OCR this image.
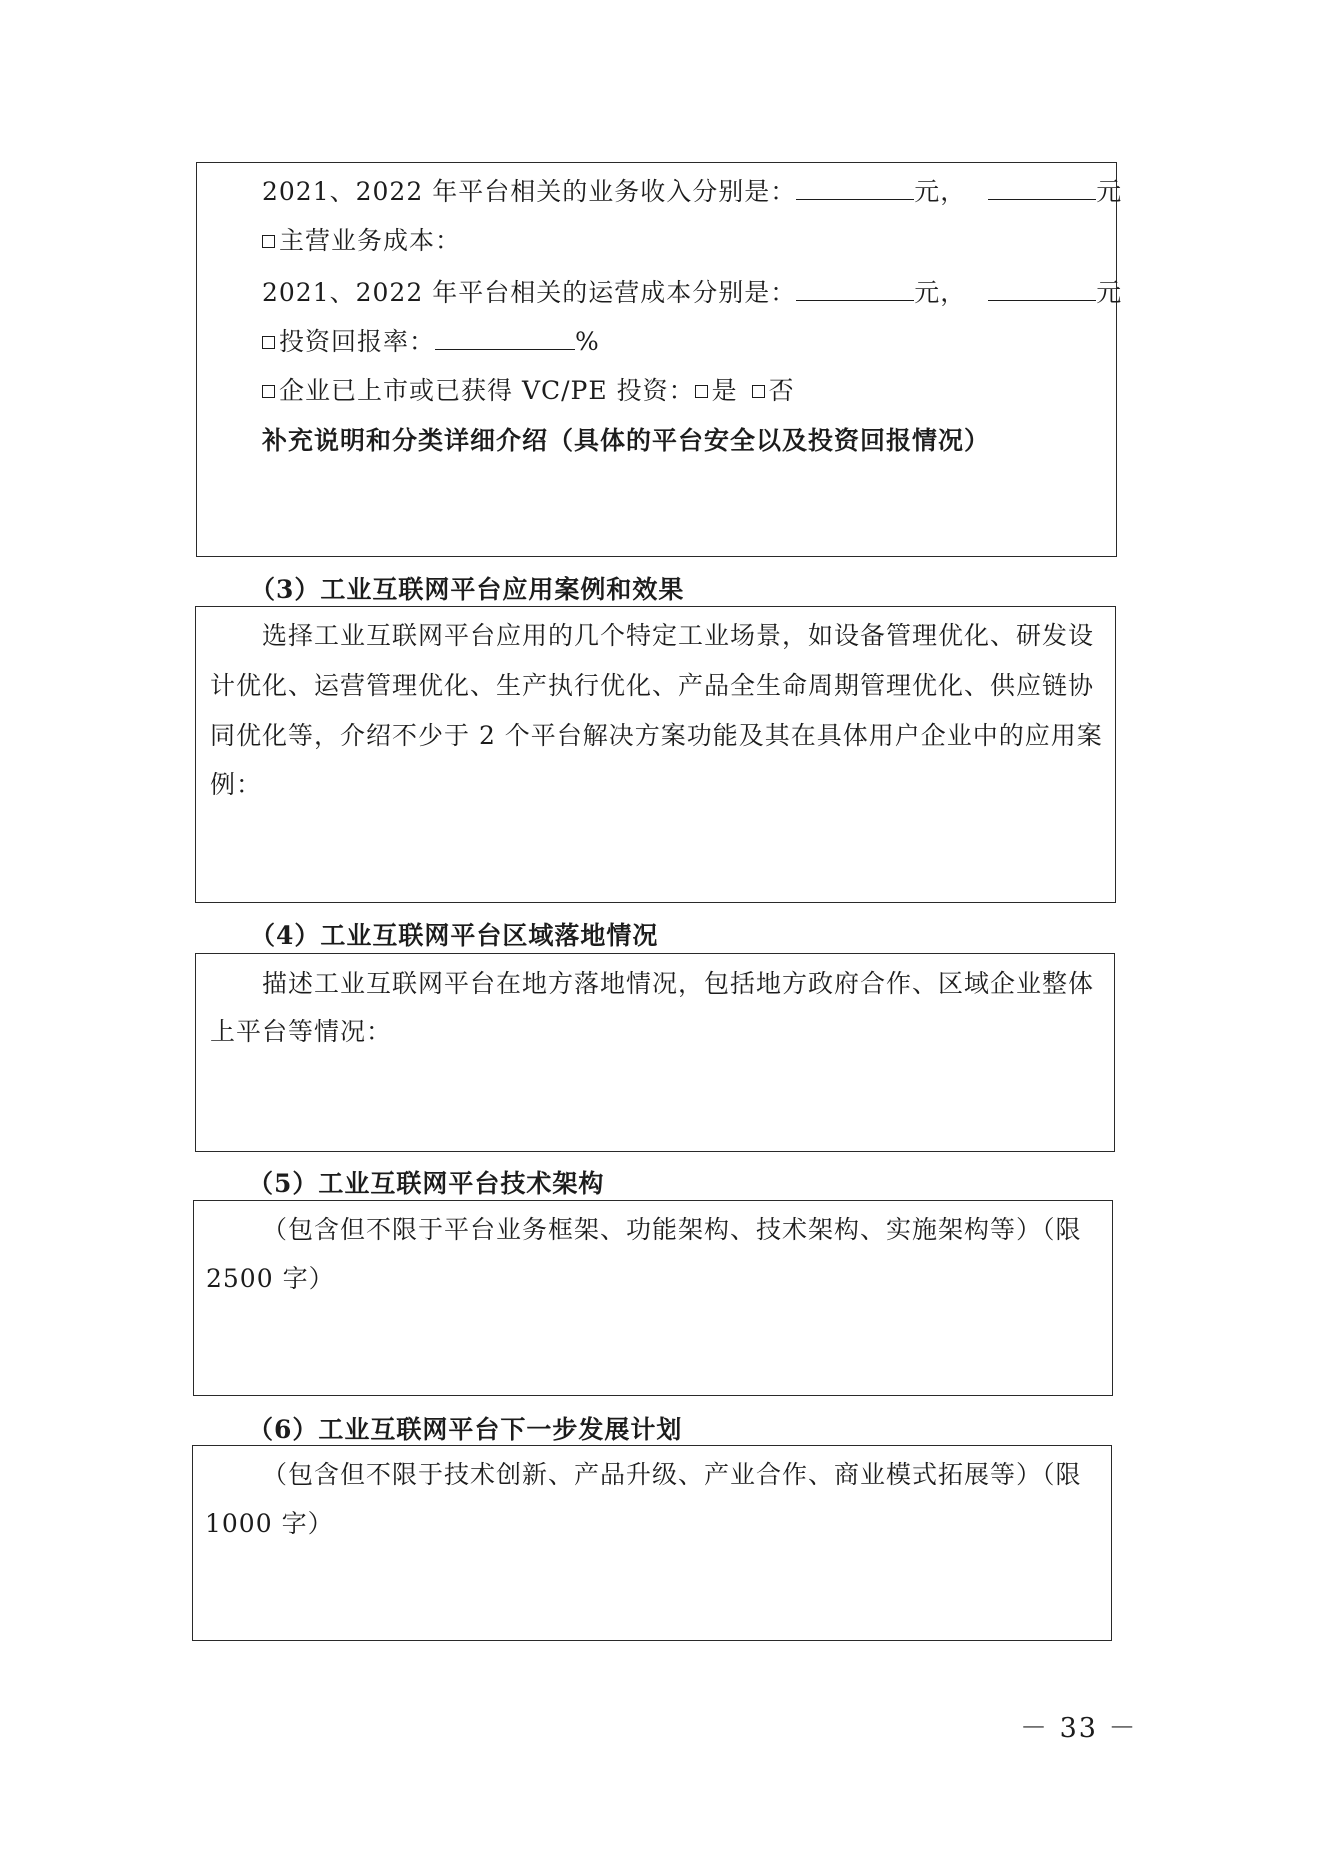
2021、2022 年平台相关的业务收入分别是：	元，	元
主营业务成本：
2021、2022 年平台相关的运营成本分别是：	元，	元
投资回报率：	%
企业已上市或已获得 VC/PE 投资： 是 否
补充说明和分类详细介绍（具体的平台安全以及投资回报情况）
（3）工业互联网平台应用案例和效果
选择工业互联网平台应用的几个特定工业场景，如设备管理优化、研发设
计优化、运营管理优化、生产执行优化、产品全生命周期管理优化、供应链协
同优化等，介绍不少于 2 个平台解决方案功能及其在具体用户企业中的应用案
例：
（4）工业互联网平台区域落地情况
描述工业互联网平台在地方落地情况，包括地方政府合作、区域企业整体
上平台等情况：
（5）工业互联网平台技术架构
（包含但不限于平台业务框架、功能架构、技术架构、实施架构等）（限
2500 字）
（6）工业互联网平台下一步发展计划
（包含但不限于技术创新、产品升级、产业合作、商业模式拓展等）（限
1000 字）
－ 33 －
